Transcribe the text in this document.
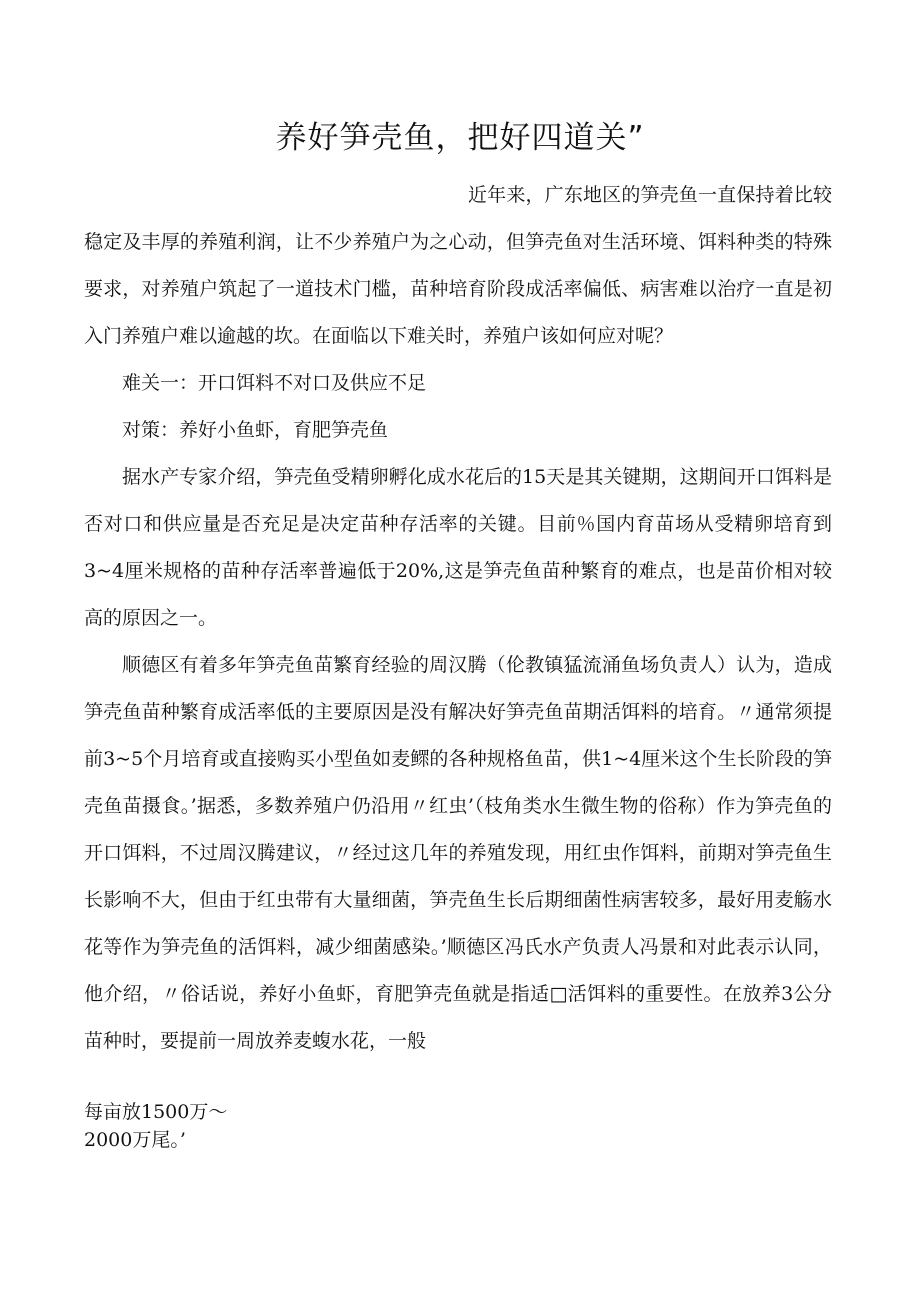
养好笋壳鱼，把好四道关”

近年来，广东地区的笋壳鱼一直保持着比较稳定及丰厚的养殖利润，让不少养殖户为之心动，但笋壳鱼对生活环境、饵料种类的特殊要求，对养殖户筑起了一道技术门槛，苗种培育阶段成活率偏低、病害难以治疗一直是初入门养殖户难以逾越的坎。在面临以下难关时，养殖户该如何应对呢？

难关一：开口饵料不对口及供应不足

对策：养好小鱼虾，育肥笋壳鱼

据水产专家介绍，笋壳鱼受精卵孵化成水花后的15天是其关键期，这期间开口饵料是否对口和供应量是否充足是决定苗种存活率的关键。目前％国内育苗场从受精卵培育到3~4厘米规格的苗种存活率普遍低于20%,这是笋壳鱼苗种繁育的难点，也是苗价相对较高的原因之一。

顺德区有着多年笋壳鱼苗繁育经验的周汉腾（伦教镇猛流涌鱼场负责人）认为，造成笋壳鱼苗种繁育成活率低的主要原因是没有解决好笋壳鱼苗期活饵料的培育。〃通常须提前3~5个月培育或直接购买小型鱼如麦鳏的各种规格鱼苗，供1~4厘米这个生长阶段的笋壳鱼苗摄食。’据悉，多数养殖户仍沿用〃红虫’（枝角类水生微生物的俗称）作为笋壳鱼的开口饵料，不过周汉腾建议，〃经过这几年的养殖发现，用红虫作饵料，前期对笋壳鱼生长影响不大，但由于红虫带有大量细菌，笋壳鱼生长后期细菌性病害较多，最好用麦觞水花等作为笋壳鱼的活饵料，减少细菌感染。’顺德区冯氏水产负责人冯景和对此表示认同，他介绍，〃俗话说，养好小鱼虾，育肥笋壳鱼就是指适□活饵料的重要性。在放养3公分苗种时，要提前一周放养麦蝮水花，一般

每亩放1500万～
2000万尾。’
